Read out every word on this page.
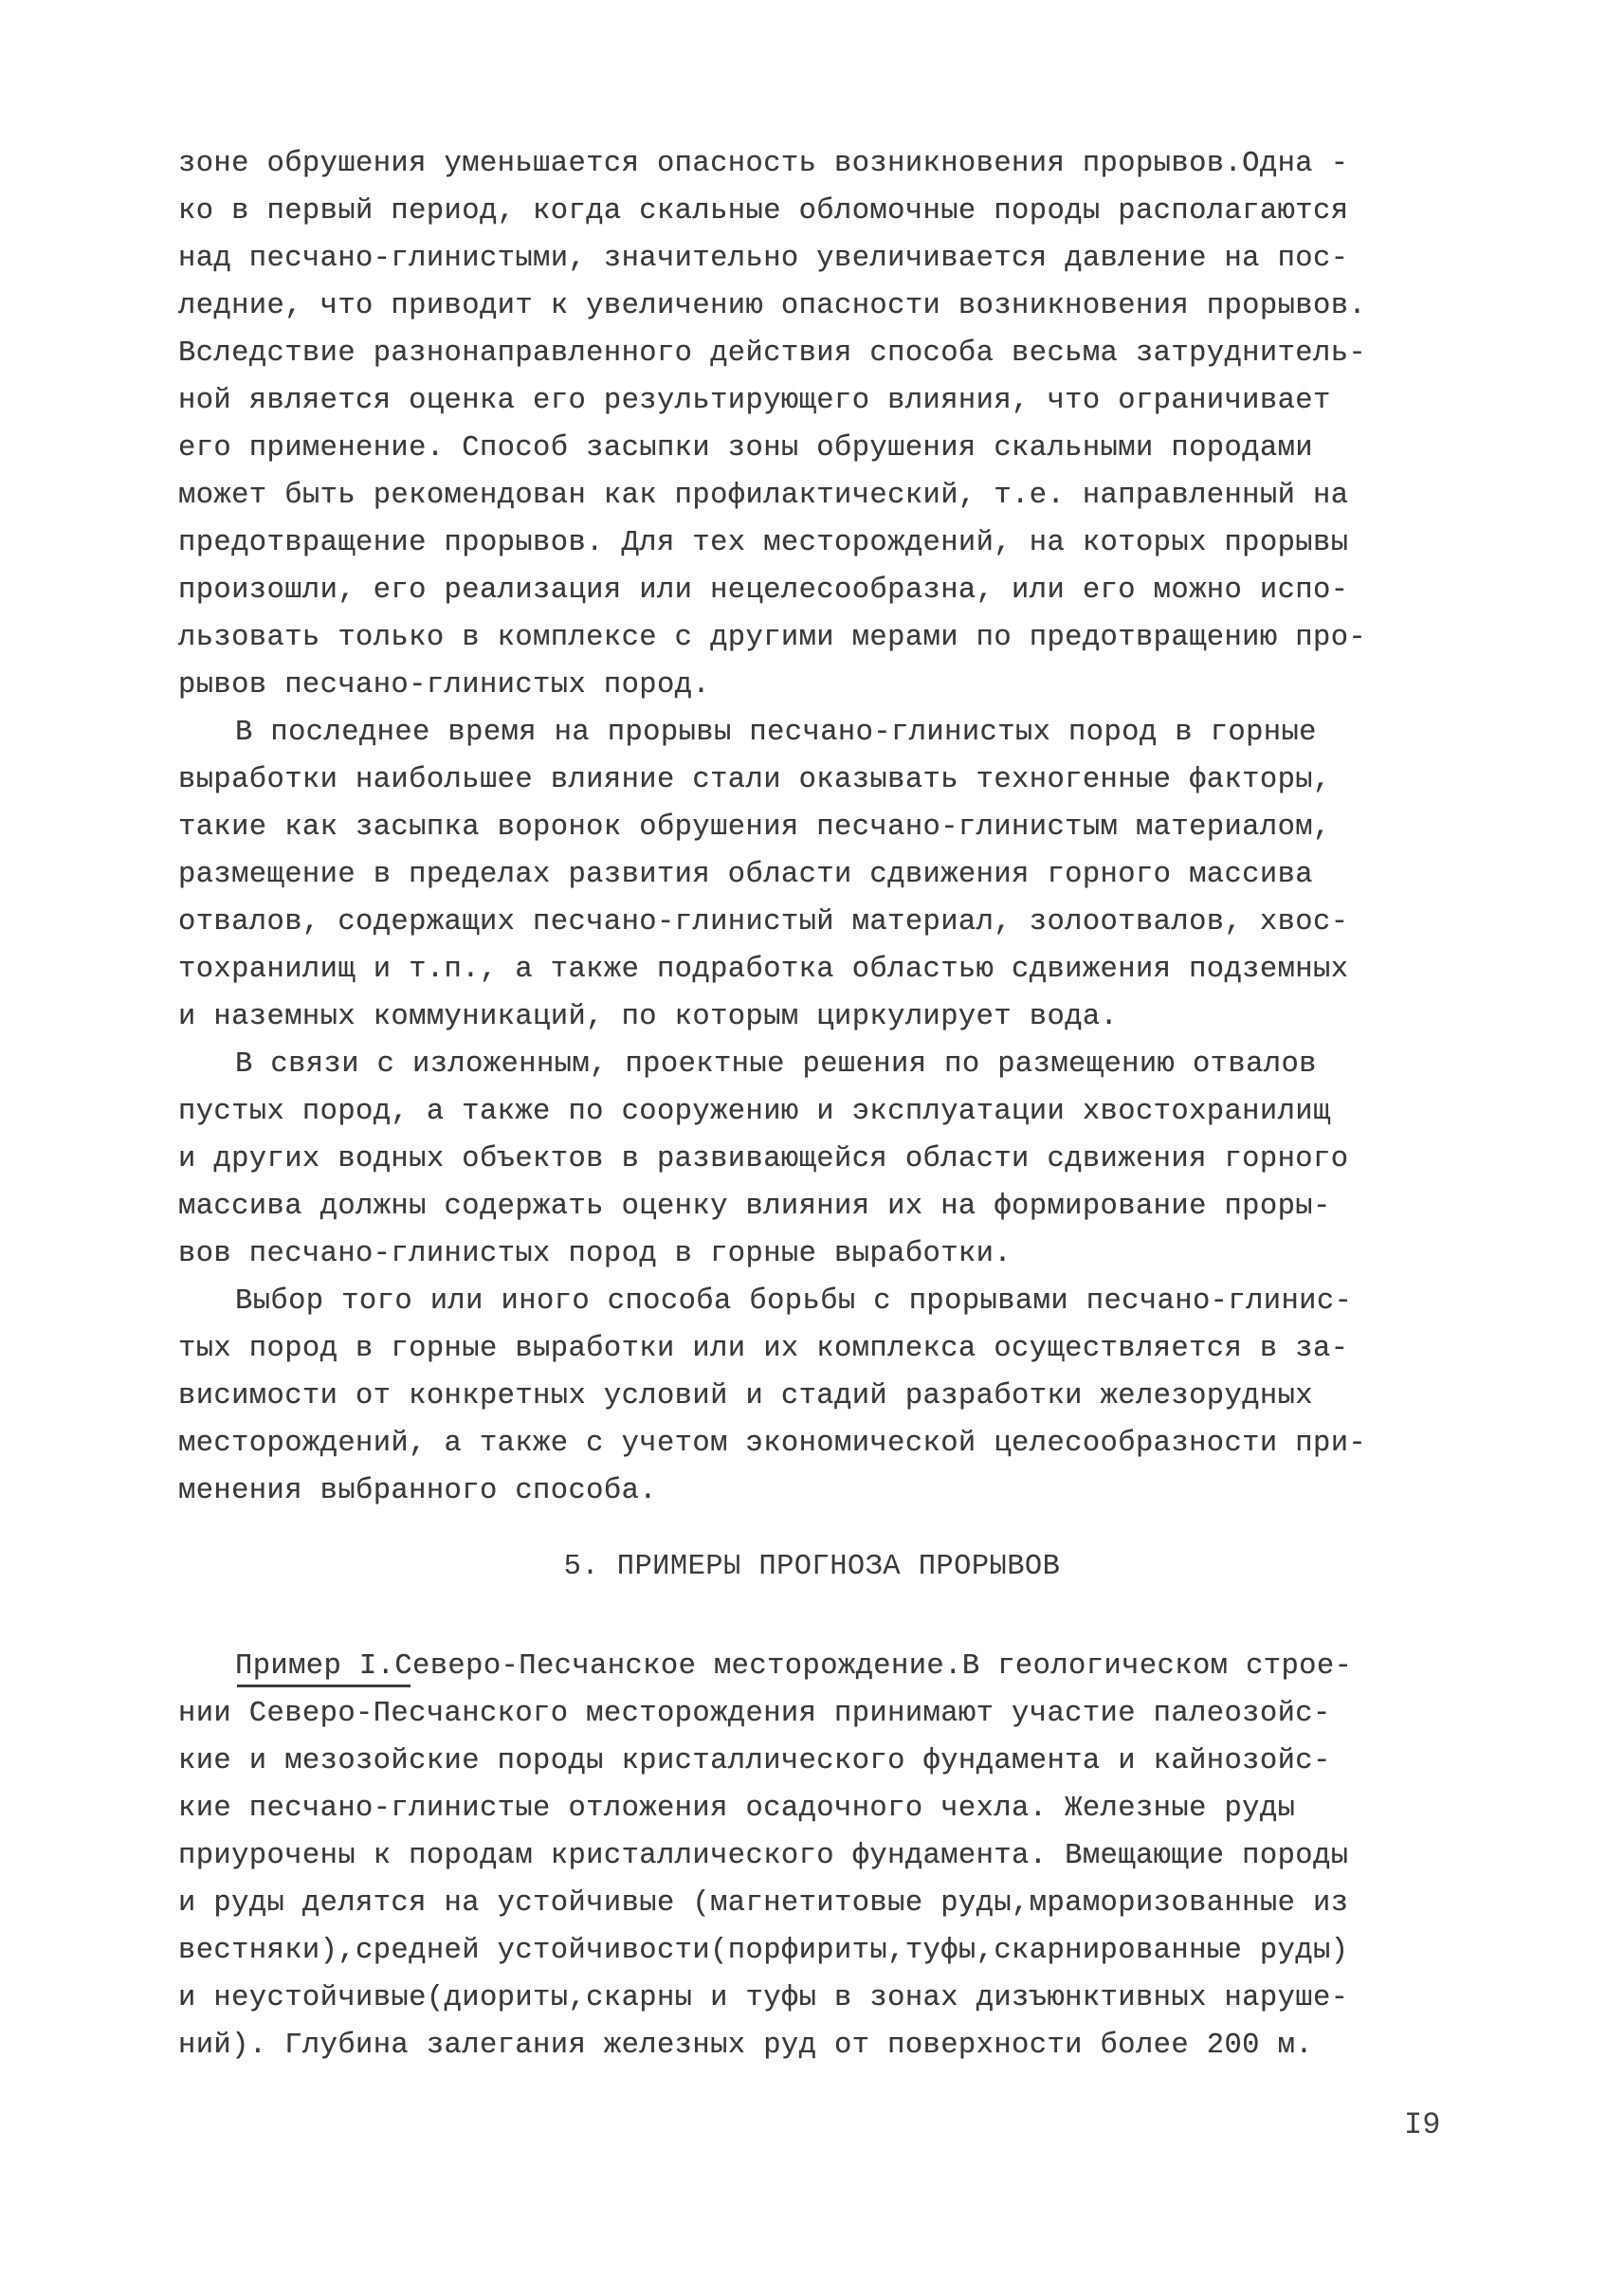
зоне обрушения уменьшается опасность возникновения прорывов.Одна -
ко в первый период, когда скальные обломочные породы располагаются
над песчано-глинистыми, значительно увеличивается давление на пос-
ледние, что приводит к увеличению опасности возникновения прорывов.
Вследствие разнонаправленного действия способа весьма затруднитель-
ной является оценка его результирующего влияния, что ограничивает
его применение. Способ засыпки зоны обрушения скальными породами
может быть рекомендован как профилактический, т.е. направленный на
предотвращение прорывов. Для тех месторождений, на которых прорывы
произошли, его реализация или нецелесообразна, или его можно испо-
льзовать только в комплексе с другими мерами по предотвращению про-
рывов песчано-глинистых пород.
В последнее время на прорывы песчано-глинистых пород в горные
выработки наибольшее влияние стали оказывать техногенные факторы,
такие как засыпка воронок обрушения песчано-глинистым материалом,
размещение в пределах развития области сдвижения горного массива
отвалов, содержащих песчано-глинистый материал, золоотвалов, хвос-
тохранилищ и т.п., а также подработка областью сдвижения подземных
и наземных коммуникаций, по которым циркулирует вода.
В связи с изложенным, проектные решения по размещению отвалов
пустых пород, а также по сооружению и эксплуатации хвостохранилищ
и других водных объектов в развивающейся области сдвижения горного
массива должны содержать оценку влияния их на формирование проры-
вов песчано-глинистых пород в горные выработки.
Выбор того или иного способа борьбы с прорывами песчано-глинис-
тых пород в горные выработки или их комплекса осуществляется в за-
висимости от конкретных условий и стадий разработки железорудных
месторождений, а также с учетом экономической целесообразности при-
менения выбранного способа.
5. ПРИМЕРЫ ПРОГНОЗА ПРОРЫВОВ
Пример I.Северо-Песчанское месторождение.В геологическом строе-
нии Северо-Песчанского месторождения принимают участие палеозойс-
кие и мезозойские породы кристаллического фундамента и кайнозойс-
кие песчано-глинистые отложения осадочного чехла. Железные руды
приурочены к породам кристаллического фундамента. Вмещающие породы
и руды делятся на устойчивые (магнетитовые руды,мраморизованные из
вестняки),средней устойчивости(порфириты,туфы,скарнированные руды)
и неустойчивые(диориты,скарны и туфы в зонах дизъюнктивных наруше-
ний). Глубина залегания железных руд от поверхности более 200 м.
I9
